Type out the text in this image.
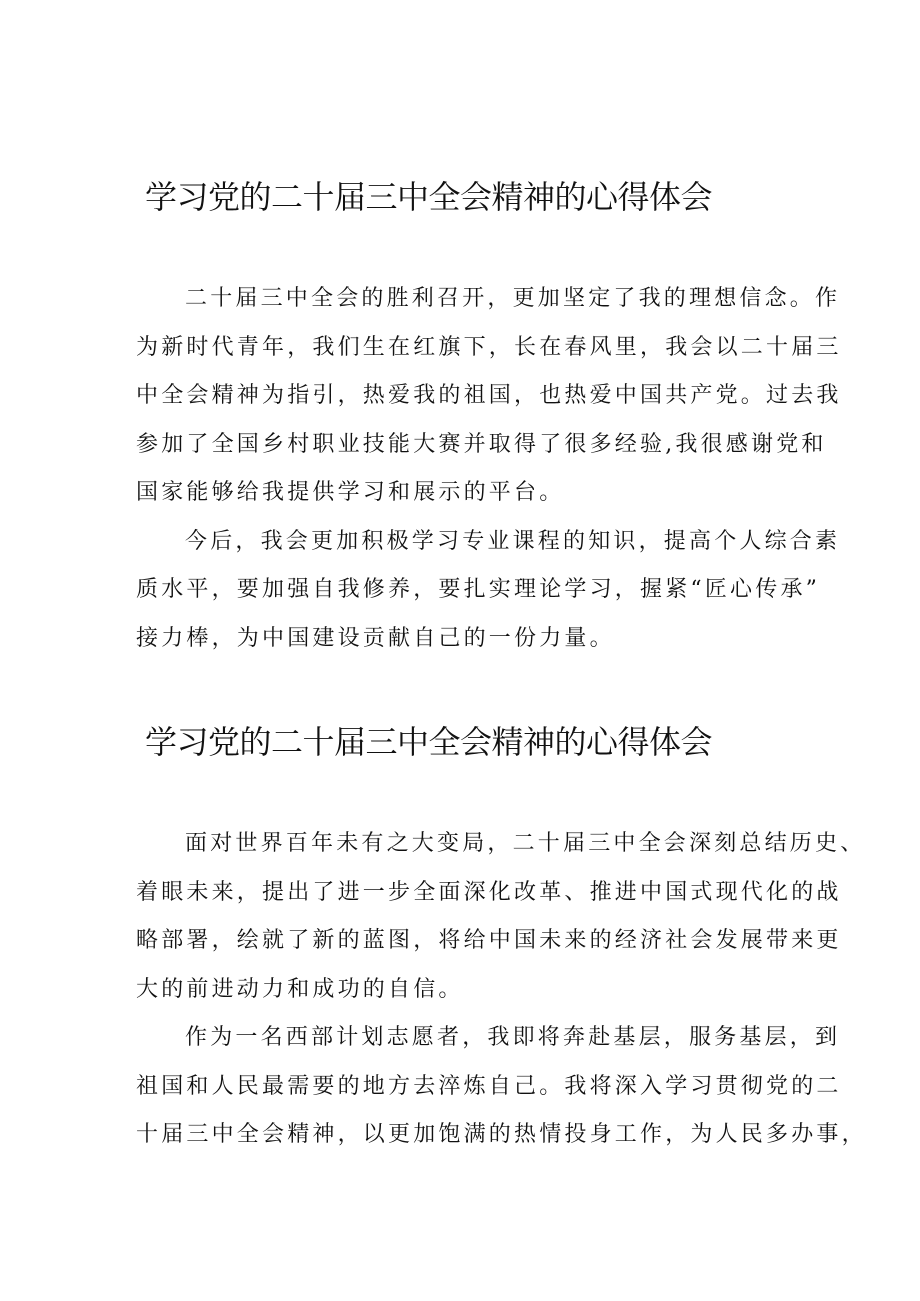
学习党的二十届三中全会精神的心得体会

二十届三中全会的胜利召开，更加坚定了我的理想信念。作
为新时代青年，我们生在红旗下，长在春风里，我会以二十届三
中全会精神为指引，热爱我的祖国，也热爱中国共产党。过去我
参加了全国乡村职业技能大赛并取得了很多经验,我很感谢党和
国家能够给我提供学习和展示的平台。

今后，我会更加积极学习专业课程的知识，提高个人综合素
质水平，要加强自我修养，要扎实理论学习，握紧“匠心传承”
接力棒，为中国建设贡献自己的一份力量。

学习党的二十届三中全会精神的心得体会

面对世界百年未有之大变局，二十届三中全会深刻总结历史、
着眼未来，提出了进一步全面深化改革、推进中国式现代化的战
略部署，绘就了新的蓝图，将给中国未来的经济社会发展带来更
大的前进动力和成功的自信。

作为一名西部计划志愿者，我即将奔赴基层，服务基层，到
祖国和人民最需要的地方去淬炼自己。我将深入学习贯彻党的二
十届三中全会精神，以更加饱满的热情投身工作，为人民多办事，
